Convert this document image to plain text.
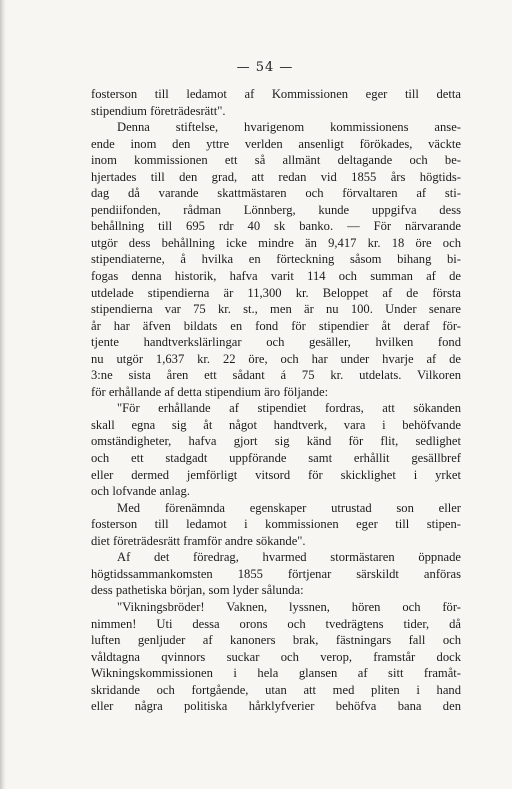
— 54 —
fosterson till ledamot af Kommissionen eger till detta
stipendium företrädesrätt".
Denna stiftelse, hvarigenom kommissionens anse-
ende inom den yttre verlden ansenligt förökades, väckte
inom kommissionen ett så allmänt deltagande och be-
hjertades till den grad, att redan vid 1855 års högtids-
dag då varande skattmästaren och förvaltaren af sti-
pendiifonden, rådman Lönnberg, kunde uppgifva dess
behållning till 695 rdr 40 sk banko. — För närvarande
utgör dess behållning icke mindre än 9,417 kr. 18 öre och
stipendiaterne, å hvilka en förteckning såsom bihang bi-
fogas denna historik, hafva varit 114 och summan af de
utdelade stipendierna är 11,300 kr. Beloppet af de första
stipendierna var 75 kr. st., men är nu 100. Under senare
år har äfven bildats en fond för stipendier åt deraf för-
tjente handtverkslärlingar och gesäller, hvilken fond
nu utgör 1,637 kr. 22 öre, och har under hvarje af de
3:ne sista åren ett sådant á 75 kr. utdelats. Vilkoren
för erhållande af detta stipendium äro följande:
"För erhållande af stipendiet fordras, att sökanden
skall egna sig åt något handtverk, vara i behöfvande
omständigheter, hafva gjort sig känd för flit, sedlighet
och ett stadgadt uppförande samt erhållit gesällbref
eller dermed jemförligt vitsord för skicklighet i yrket
och lofvande anlag.
Med förenämnda egenskaper utrustad son eller
fosterson till ledamot i kommissionen eger till stipen-
diet företrädesrätt framför andre sökande".
Af det föredrag, hvarmed stormästaren öppnade
högtidssammankomsten 1855 förtjenar särskildt anföras
dess pathetiska början, som lyder sålunda:
"Vikningsbröder! Vaknen, lyssnen, hören och för-
nimmen! Uti dessa orons och tvedrägtens tider, då
luften genljuder af kanoners brak, fästningars fall och
våldtagna qvinnors suckar och verop, framstår dock
Wikningskommissionen i hela glansen af sitt framåt-
skridande och fortgående, utan att med pliten i hand
eller några politiska hårklyfverier behöfva bana den
